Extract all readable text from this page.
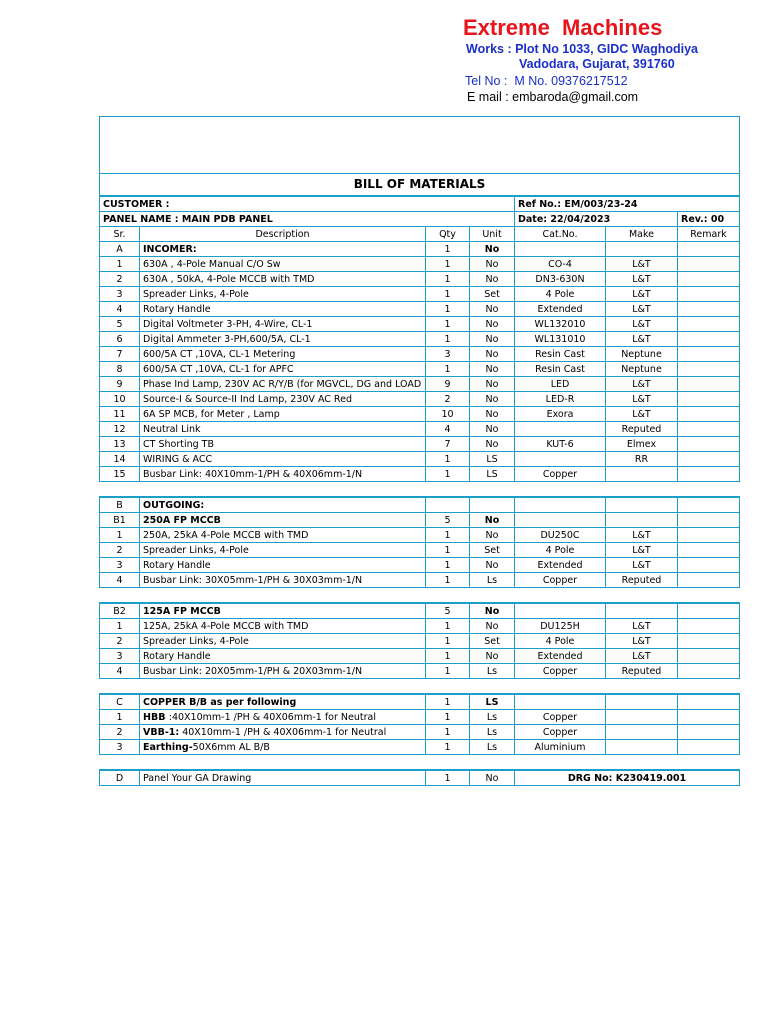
Extreme  Machines
Works : Plot No 1033, GIDC Waghodiya
Vadodara, Gujarat, 391760
Tel No :  M No. 09376217512
E mail : embaroda@gmail.com

BILL OF MATERIALS						
CUSTOMER :				Ref No.: EM/003/23-24		
PANEL NAME : MAIN PDB PANEL				Date: 22/04/2023		Rev.: 00
Sr.	Description	Qty	Unit	Cat.No.	Make	Remark
A	INCOMER:	1	No			
1	630A , 4-Pole Manual C/O Sw	1	No	CO-4	L&T	
2	630A , 50kA, 4-Pole MCCB with TMD	1	No	DN3-630N	L&T	
3	Spreader Links, 4-Pole	1	Set	4 Pole	L&T	
4	Rotary Handle	1	No	Extended	L&T	
5	Digital Voltmeter 3-PH, 4-Wire, CL-1	1	No	WL132010	L&T	
6	Digital Ammeter 3-PH,600/5A, CL-1	1	No	WL131010	L&T	
7	600/5A CT ,10VA, CL-1 Metering	3	No	Resin Cast	Neptune	
8	600/5A CT ,10VA, CL-1 for APFC	1	No	Resin Cast	Neptune	
9	Phase Ind Lamp, 230V AC R/Y/B (for MGVCL, DG and LOAD	9	No	LED	L&T	
10	Source-I & Source-II Ind Lamp, 230V AC Red	2	No	LED-R	L&T	
11	6A SP MCB, for Meter , Lamp	10	No	Exora	L&T	
12	Neutral Link	4	No		Reputed	
13	CT Shorting TB	7	No	KUT-6	Elmex	
14	WIRING & ACC	1	LS		RR	
15	Busbar Link: 40X10mm-1/PH & 40X06mm-1/N	1	LS	Copper		

B	OUTGOING:					
B1	250A FP MCCB	5	No			
1	250A, 25kA 4-Pole MCCB with TMD	1	No	DU250C	L&T	
2	Spreader Links, 4-Pole	1	Set	4 Pole	L&T	
3	Rotary Handle	1	No	Extended	L&T	
4	Busbar Link: 30X05mm-1/PH & 30X03mm-1/N	1	Ls	Copper	Reputed	

B2	125A FP MCCB	5	No			
1	125A, 25kA 4-Pole MCCB with TMD	1	No	DU125H	L&T	
2	Spreader Links, 4-Pole	1	Set	4 Pole	L&T	
3	Rotary Handle	1	No	Extended	L&T	
4	Busbar Link: 20X05mm-1/PH & 20X03mm-1/N	1	Ls	Copper	Reputed	

C	COPPER B/B as per following	1	LS			
1	HBB :40X10mm-1 /PH & 40X06mm-1 for Neutral	1	Ls	Copper		
2	VBB-1: 40X10mm-1 /PH & 40X06mm-1 for Neutral	1	Ls	Copper		
3	Earthing-50X6mm AL B/B	1	Ls	Aluminium		

D	Panel Your GA Drawing	1	No	DRG No: K230419.001		
